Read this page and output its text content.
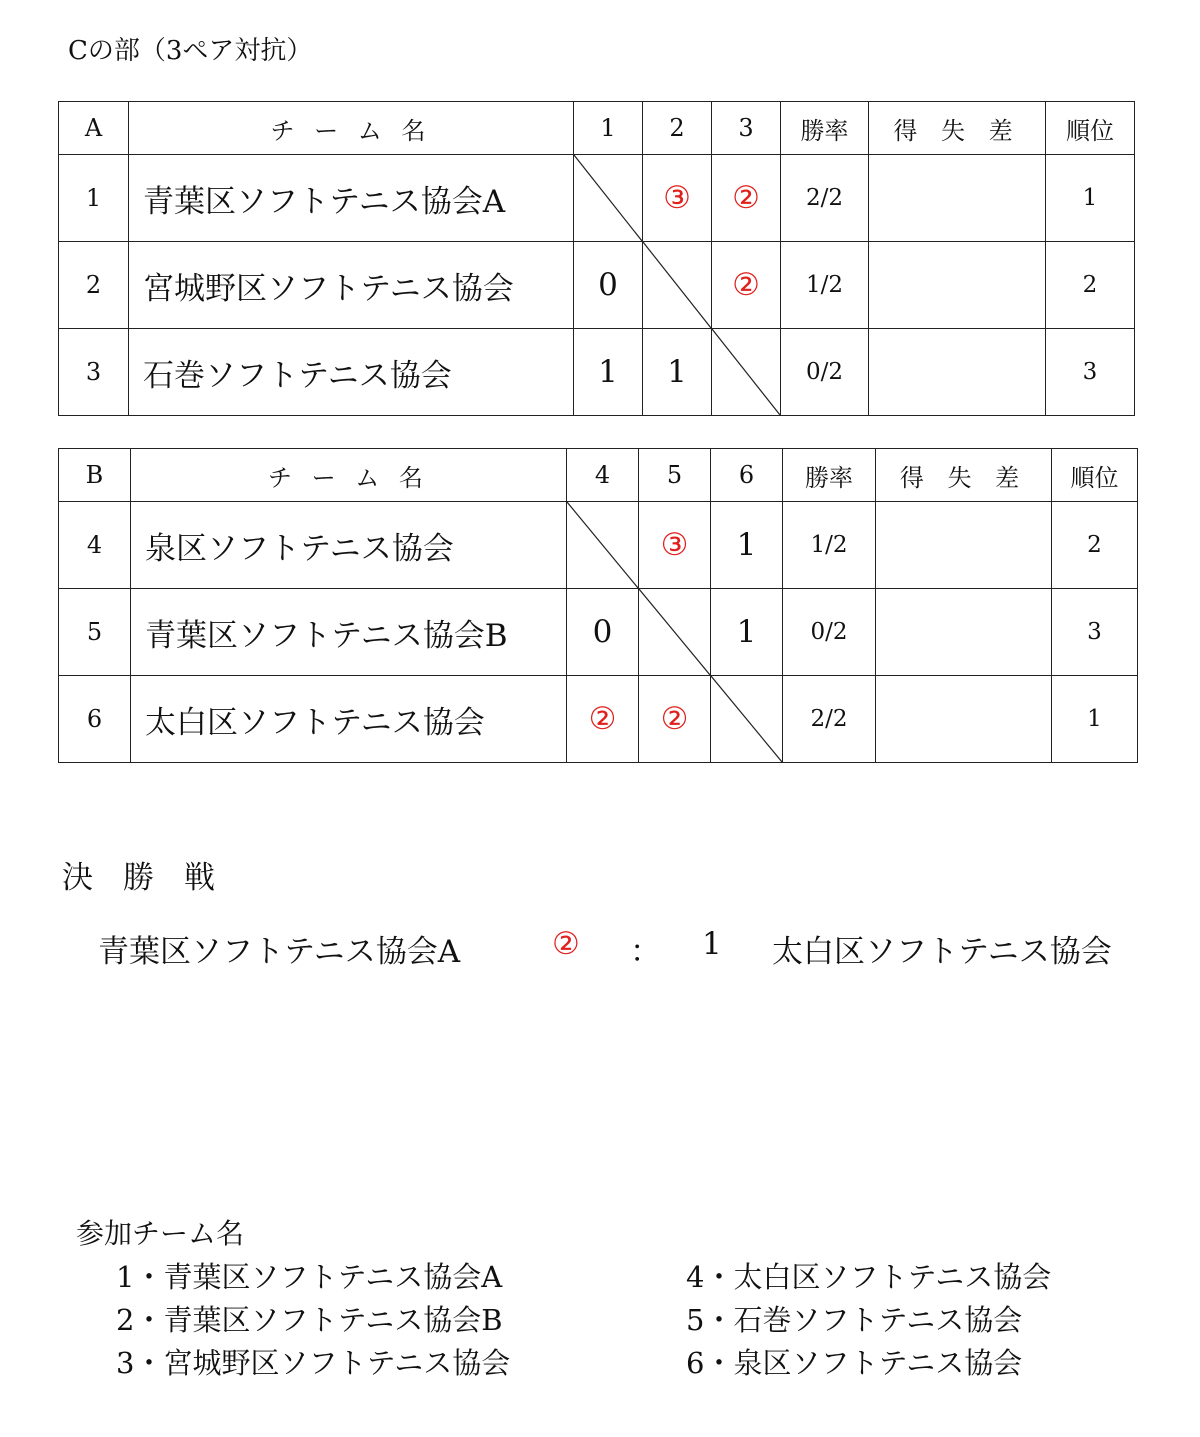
Cの部（3ペア対抗）
A	チ ー ム 名	1	2	3	勝率	得 失 差	順位
1	青葉区ソフトテニス協会A		③	②	2/2		1
2	宮城野区ソフトテニス協会	0		②	1/2		2
3	石巻ソフトテニス協会	1	1		0/2		3
B	チ ー ム 名	4	5	6	勝率	得 失 差	順位
4	泉区ソフトテニス協会		③	1	1/2		2
5	青葉区ソフトテニス協会B	0		1	0/2		3
6	太白区ソフトテニス協会	②	②		2/2		1
決 勝 戦
青葉区ソフトテニス協会A	② ： 1 太白区ソフトテニス協会
参加チーム名
1・青葉区ソフトテニス協会A
2・青葉区ソフトテニス協会B
3・宮城野区ソフトテニス協会
4・太白区ソフトテニス協会
5・石巻ソフトテニス協会
6・泉区ソフトテニス協会
